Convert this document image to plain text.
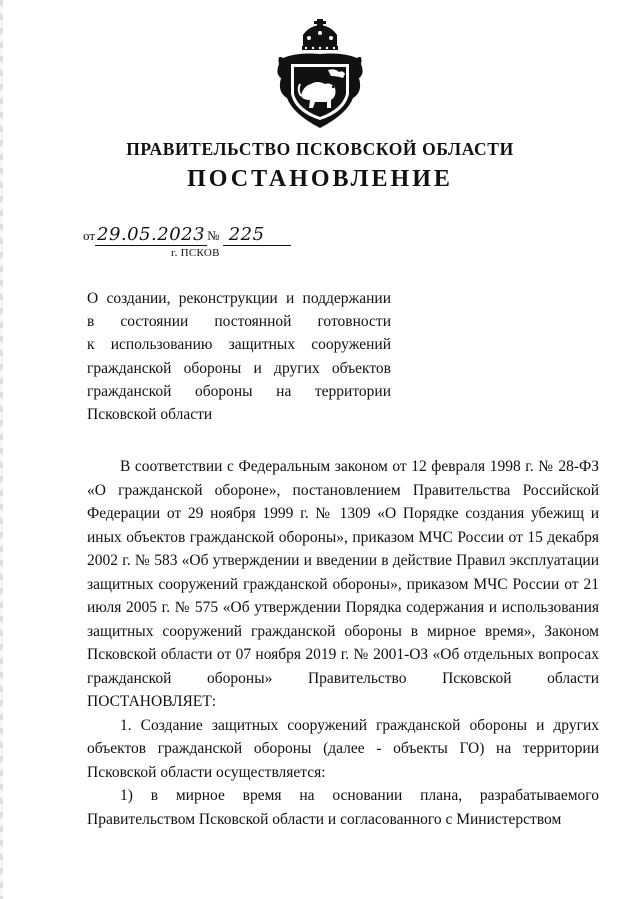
ПРАВИТЕЛЬСТВО ПСКОВСКОЙ ОБЛАСТИ
ПОСТАНОВЛЕНИЕ
от 29.05.2023 № 225
г. ПСКОВ
О создании, реконструкции и поддержании
в состоянии постоянной готовности
к использованию защитных сооружений
гражданской обороны и других объектов
гражданской обороны на территории
Псковской области

В соответствии с Федеральным законом от 12 февраля 1998 г. № 28-ФЗ «О гражданской обороне», постановлением Правительства Российской Федерации от 29 ноября 1999 г. № 1309 «О Порядке создания убежищ и иных объектов гражданской обороны», приказом МЧС России от 15 декабря 2002 г. № 583 «Об утверждении и введении в действие Правил эксплуатации защитных сооружений гражданской обороны», приказом МЧС России от 21 июля 2005 г. № 575 «Об утверждении Порядка содержания и использования защитных сооружений гражданской обороны в мирное время», Законом Псковской области от 07 ноября 2019 г. № 2001-ОЗ «Об отдельных вопросах гражданской обороны» Правительство Псковской области ПОСТАНОВЛЯЕТ:

1. Создание защитных сооружений гражданской обороны и других объектов гражданской обороны (далее - объекты ГО) на территории Псковской области осуществляется:

1) в мирное время на основании плана, разрабатываемого Правительством Псковской области и согласованного с Министерством
